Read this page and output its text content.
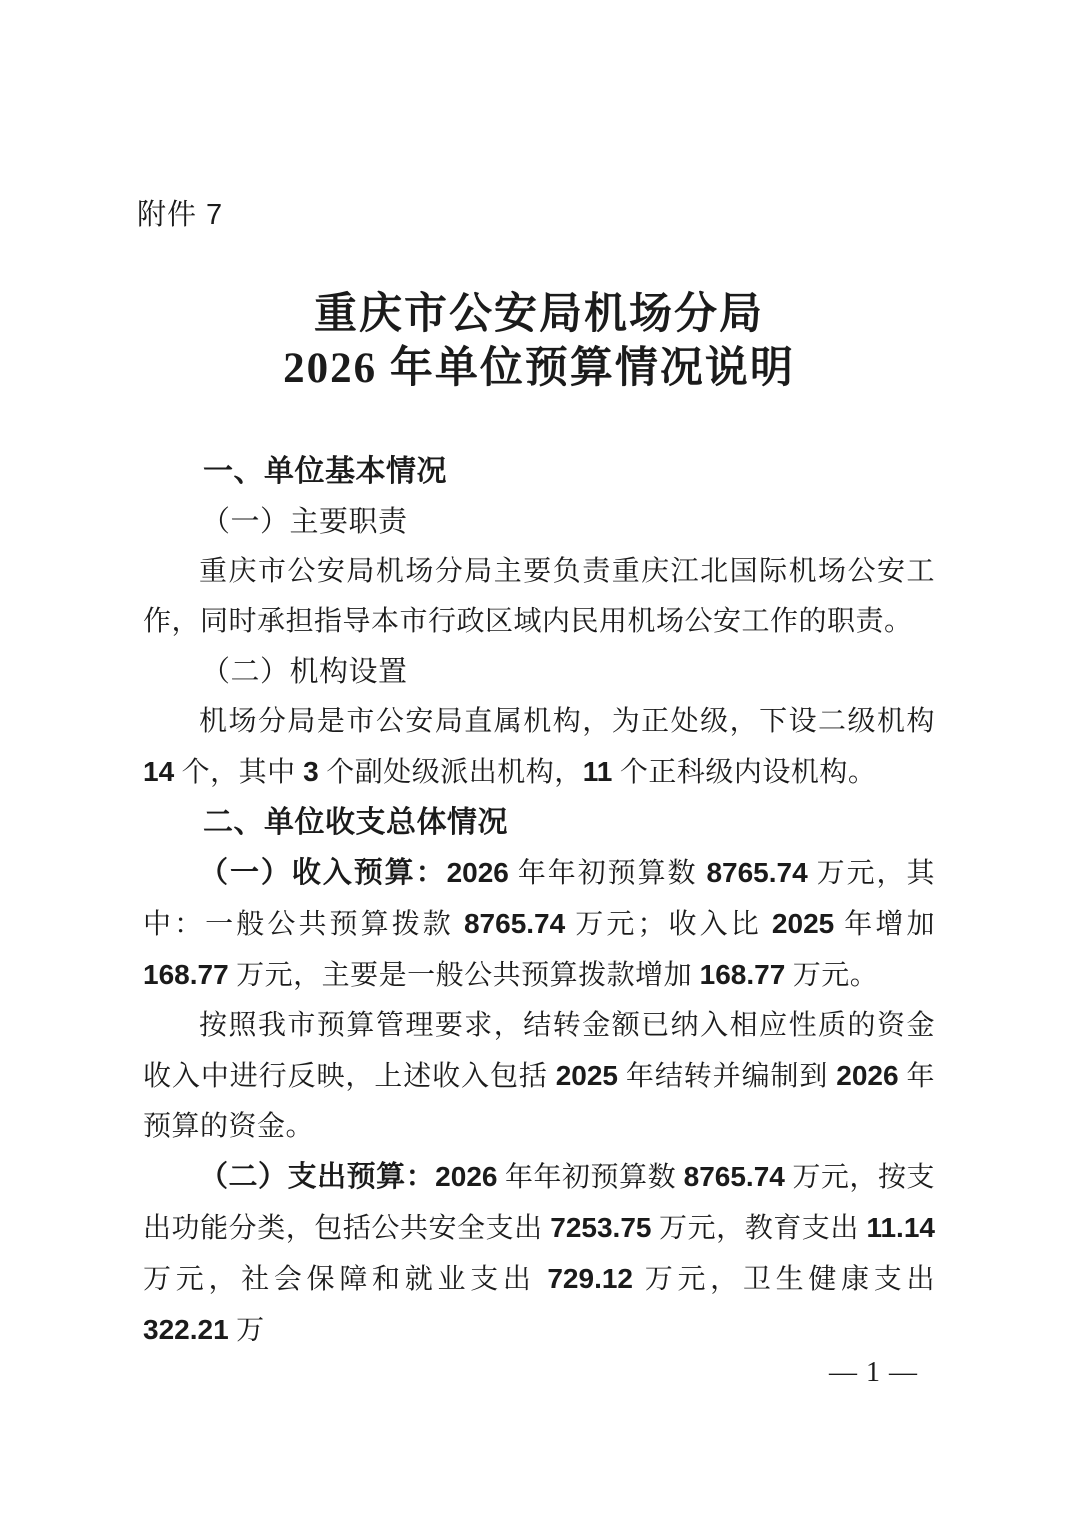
附件 7
重庆市公安局机场分局
2026 年单位预算情况说明
一、单位基本情况
（一）主要职责

重庆市公安局机场分局主要负责重庆江北国际机场公安工作，同时承担指导本市行政区域内民用机场公安工作的职责。

（二）机构设置

机场分局是市公安局直属机构，为正处级，下设二级机构 14 个，其中 3 个副处级派出机构，11 个正科级内设机构。

二、单位收支总体情况

（一）收入预算：2026 年年初预算数 8765.74 万元，其中：一般公共预算拨款 8765.74 万元；收入比 2025 年增加 168.77 万元，主要是一般公共预算拨款增加 168.77 万元。

按照我市预算管理要求，结转金额已纳入相应性质的资金收入中进行反映，上述收入包括 2025 年结转并编制到 2026 年预算的资金。

（二）支出预算：2026 年年初预算数 8765.74 万元，按支出功能分类，包括公共安全支出 7253.75 万元，教育支出 11.14 万元，社会保障和就业支出 729.12 万元，卫生健康支出 322.21 万

— 1 —
